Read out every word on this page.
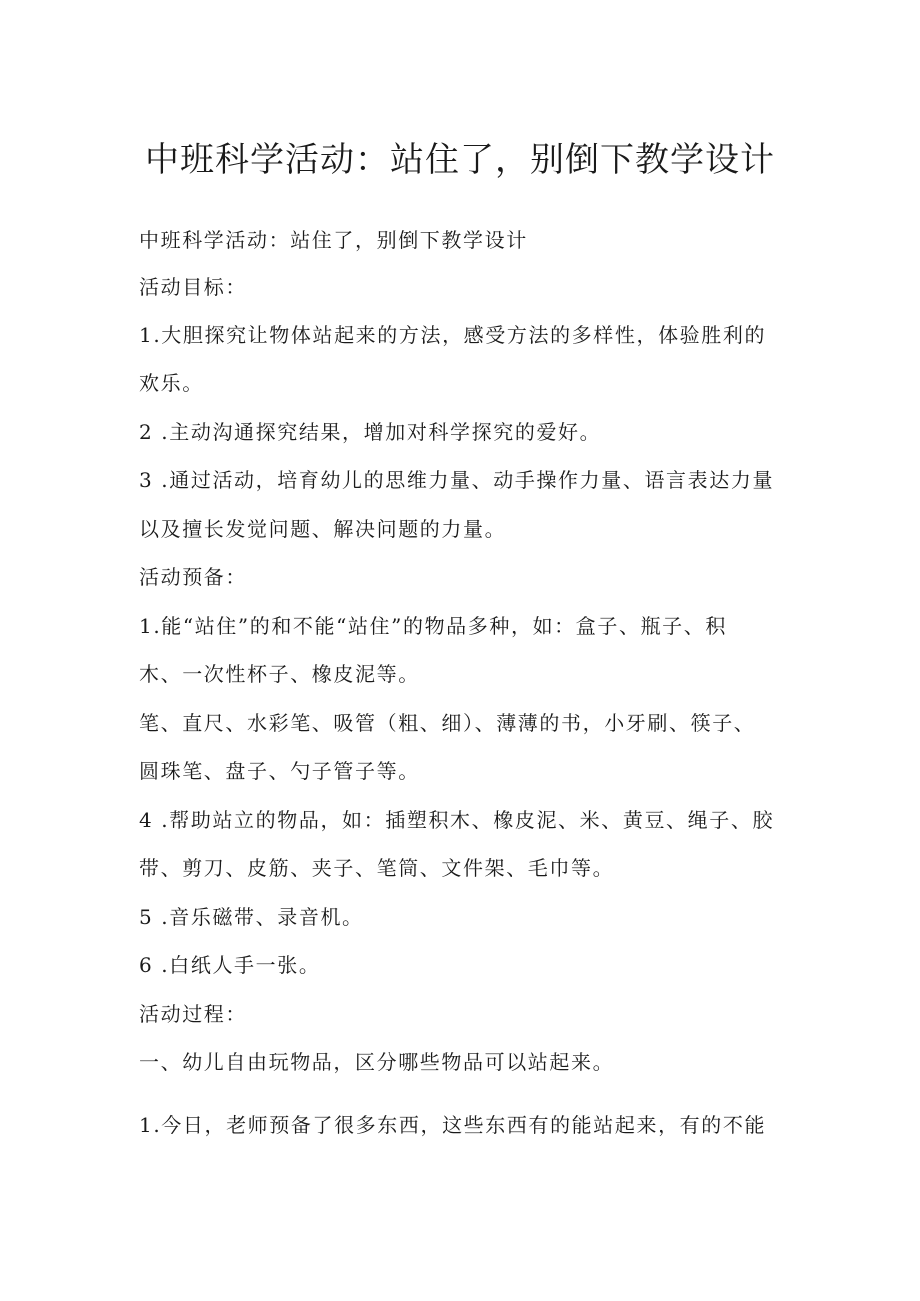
中班科学活动：站住了，别倒下教学设计
中班科学活动：站住了，别倒下教学设计
活动目标：
1.大胆探究让物体站起来的方法，感受方法的多样性，体验胜利的
欢乐。
2 .主动沟通探究结果，增加对科学探究的爱好。
3 .通过活动，培育幼儿的思维力量、动手操作力量、语言表达力量
以及擅长发觉问题、解决问题的力量。
活动预备：
1.能“站住”的和不能“站住”的物品多种，如：盒子、瓶子、积
木、一次性杯子、橡皮泥等。
笔、直尺、水彩笔、吸管（粗、细）、薄薄的书，小牙刷、筷子、
圆珠笔、盘子、勺子管子等。
4 .帮助站立的物品，如：插塑积木、橡皮泥、米、黄豆、绳子、胶
带、剪刀、皮筋、夹子、笔筒、文件架、毛巾等。
5 .音乐磁带、录音机。
6 .白纸人手一张。
活动过程：
一、幼儿自由玩物品，区分哪些物品可以站起来。
1.今日，老师预备了很多东西，这些东西有的能站起来，有的不能
